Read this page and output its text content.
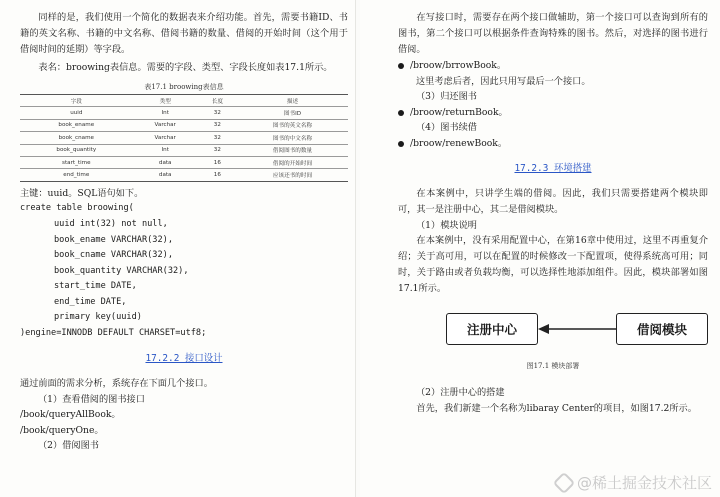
同样的是，我们使用一个简化的数据表来介绍功能。首先，需要书籍ID、书籍的英文名称、书籍的中文名称、借阅书籍的数量、借阅的开始时间（这个用于借阅时间的延期）等字段。

表名：broowing表信息。需要的字段、类型、字段长度如表17.1所示。

表17.1 broowing表信息
字段	类型	长度	描述
uuid	Int	32	图书ID
book_ename	Varchar	32	图书的英文名称
book_cname	Varchar	32	图书的中文名称
book_quantity	Int	32	借阅图书的数量
start_time	data	16	借阅的开始时间
end_time	data	16	应该还书的时间
主键：uuid。SQL语句如下。
create table broowing(
uuid int(32) not null,
book_ename VARCHAR(32),
book_cname VARCHAR(32),
book_quantity VARCHAR(32),
start_time DATE,
end_time DATE,
primary key(uuid)
)engine=INNODB DEFAULT CHARSET=utf8;
17.2.2 接口设计

通过前面的需求分析，系统存在下面几个接口。

（1）查看借阅的图书接口
/book/queryAllBook。
/book/queryOne。
（2）借阅图书

在写接口时，需要存在两个接口做辅助，第一个接口可以查询到所有的图书，第二个接口可以根据条件查询特殊的图书。然后，对选择的图书进行借阅。

/broow/brrowBook。
这里考虑后者，因此只用写最后一个接口。
（3）归还图书
/broow/returnBook。
（4）图书续借
/broow/renewBook。
17.2.3 环境搭建

在本案例中，只讲学生端的借阅。因此，我们只需要搭建两个模块即可，其一是注册中心，其二是借阅模块。

（1）模块说明

在本案例中，没有采用配置中心，在第16章中使用过，这里不再重复介绍；关于高可用，可以在配置的时候修改一下配置项，使得系统高可用；同时，关于路由或者负载均衡，可以选择性地添加组件。因此，模块部署如图17.1所示。

注册中心	借阅模块
图17.1 模块部署
（2）注册中心的搭建

首先，我们新建一个名称为libaray Center的项目，如图17.2所示。

@稀土掘金技术社区
